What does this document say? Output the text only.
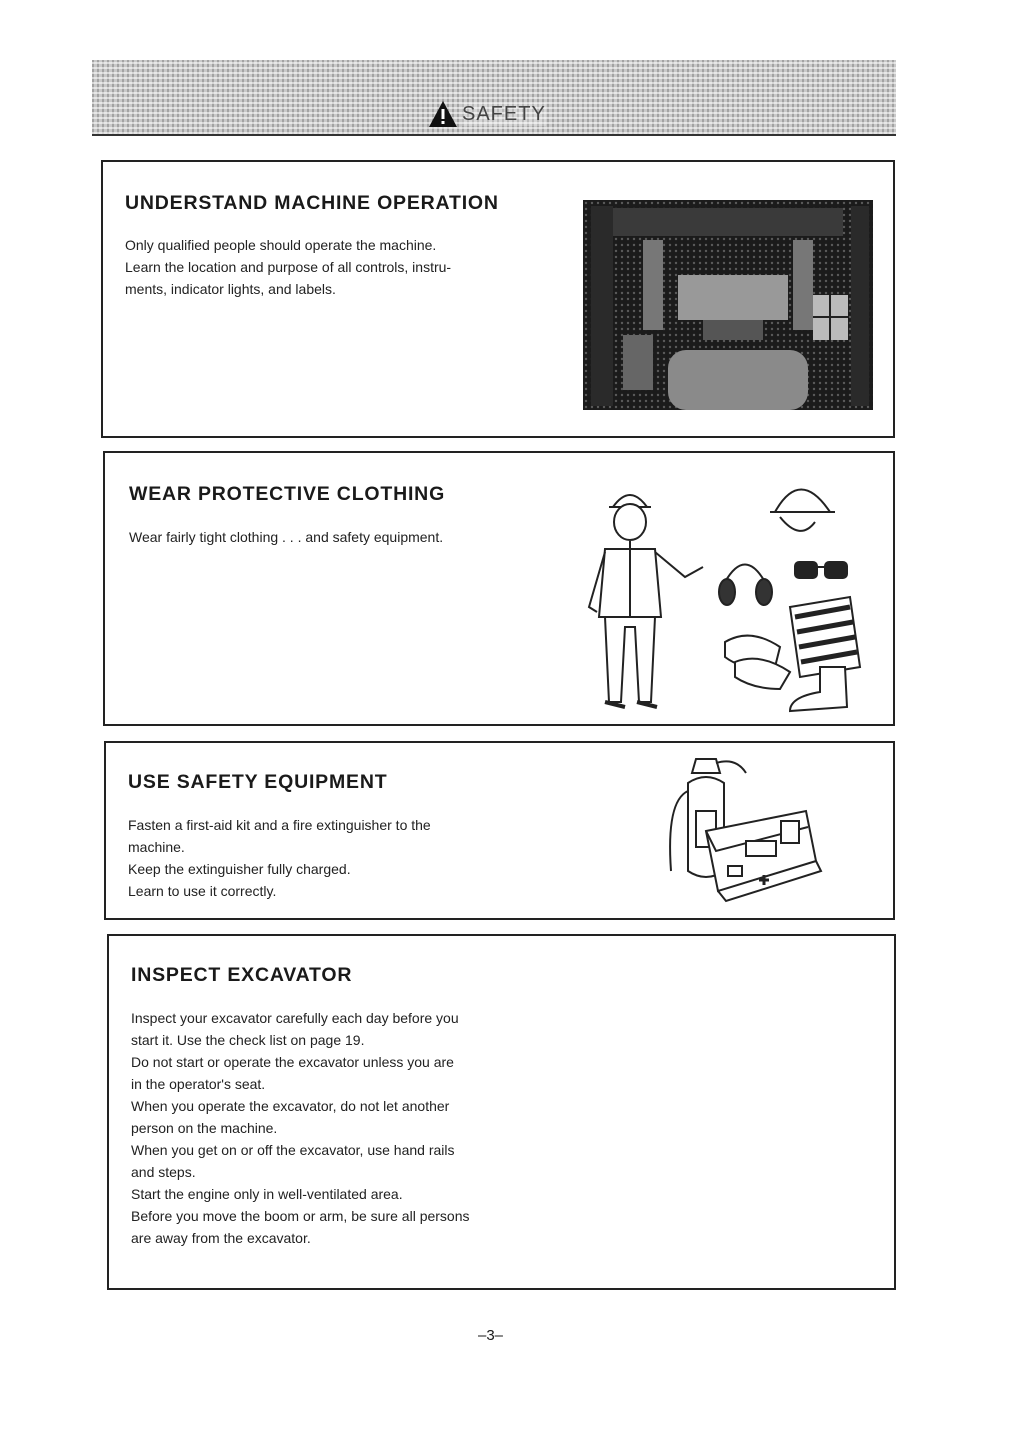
SAFETY
UNDERSTAND MACHINE OPERATION

Only qualified people should operate the machine.

Learn the location and purpose of all controls, instru-

ments, indicator lights, and labels.

WEAR PROTECTIVE CLOTHING

Wear fairly tight clothing . . . and safety equipment.

USE SAFETY EQUIPMENT

Fasten a first-aid kit and a fire extinguisher to the

machine.

Keep the extinguisher fully charged.

Learn to use it correctly.

INSPECT EXCAVATOR

Inspect your excavator carefully each day before you

start it. Use the check list on page 19.

Do not start or operate the excavator unless you are

in the operator's seat.

When you operate the excavator, do not let another

person on the machine.

When you get on or off the excavator, use hand rails

and steps.

Start the engine only in well-ventilated area.

Before you move the boom or arm, be sure all persons

are away from the excavator.

–3–
